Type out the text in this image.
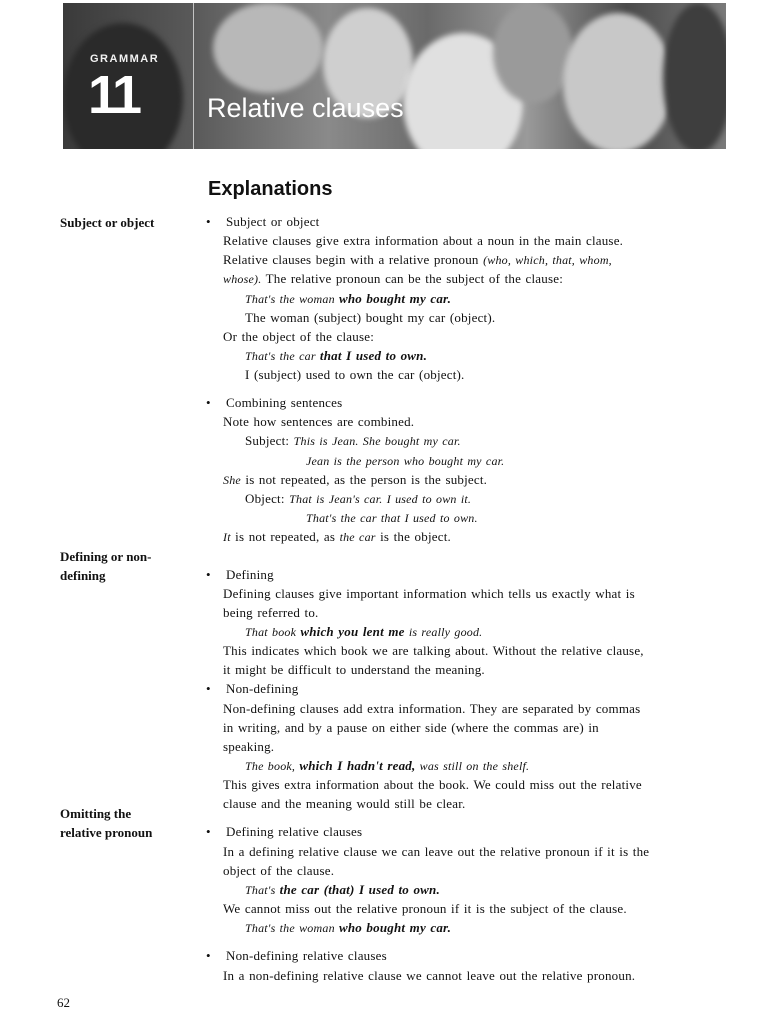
GRAMMAR
11	Relative clauses
Explanations
Subject or object
Defining or non-
defining
Omitting the
relative pronoun
• Subject or object
Relative clauses give extra information about a noun in the main clause.
Relative clauses begin with a relative pronoun (who, which, that, whom,
whose). The relative pronoun can be the subject of the clause:
That's the woman who bought my car.
The woman (subject) bought my car (object).
Or the object of the clause:
That's the car that I used to own.
I (subject) used to own the car (object).
• Combining sentences
Note how sentences are combined.
Subject: This is Jean. She bought my car.
Jean is the person who bought my car.
She is not repeated, as the person is the subject.
Object: That is Jean's car. I used to own it.
That's the car that I used to own.
It is not repeated, as the car is the object.
• Defining
Defining clauses give important information which tells us exactly what is
being referred to.
That book which you lent me is really good.
This indicates which book we are talking about. Without the relative clause,
it might be difficult to understand the meaning.
• Non-defining
Non-defining clauses add extra information. They are separated by commas
in writing, and by a pause on either side (where the commas are) in
speaking.
The book, which I hadn't read, was still on the shelf.
This gives extra information about the book. We could miss out the relative
clause and the meaning would still be clear.
• Defining relative clauses
In a defining relative clause we can leave out the relative pronoun if it is the
object of the clause.
That's the car (that) I used to own.
We cannot miss out the relative pronoun if it is the subject of the clause.
That's the woman who bought my car.
• Non-defining relative clauses
In a non-defining relative clause we cannot leave out the relative pronoun.
62
